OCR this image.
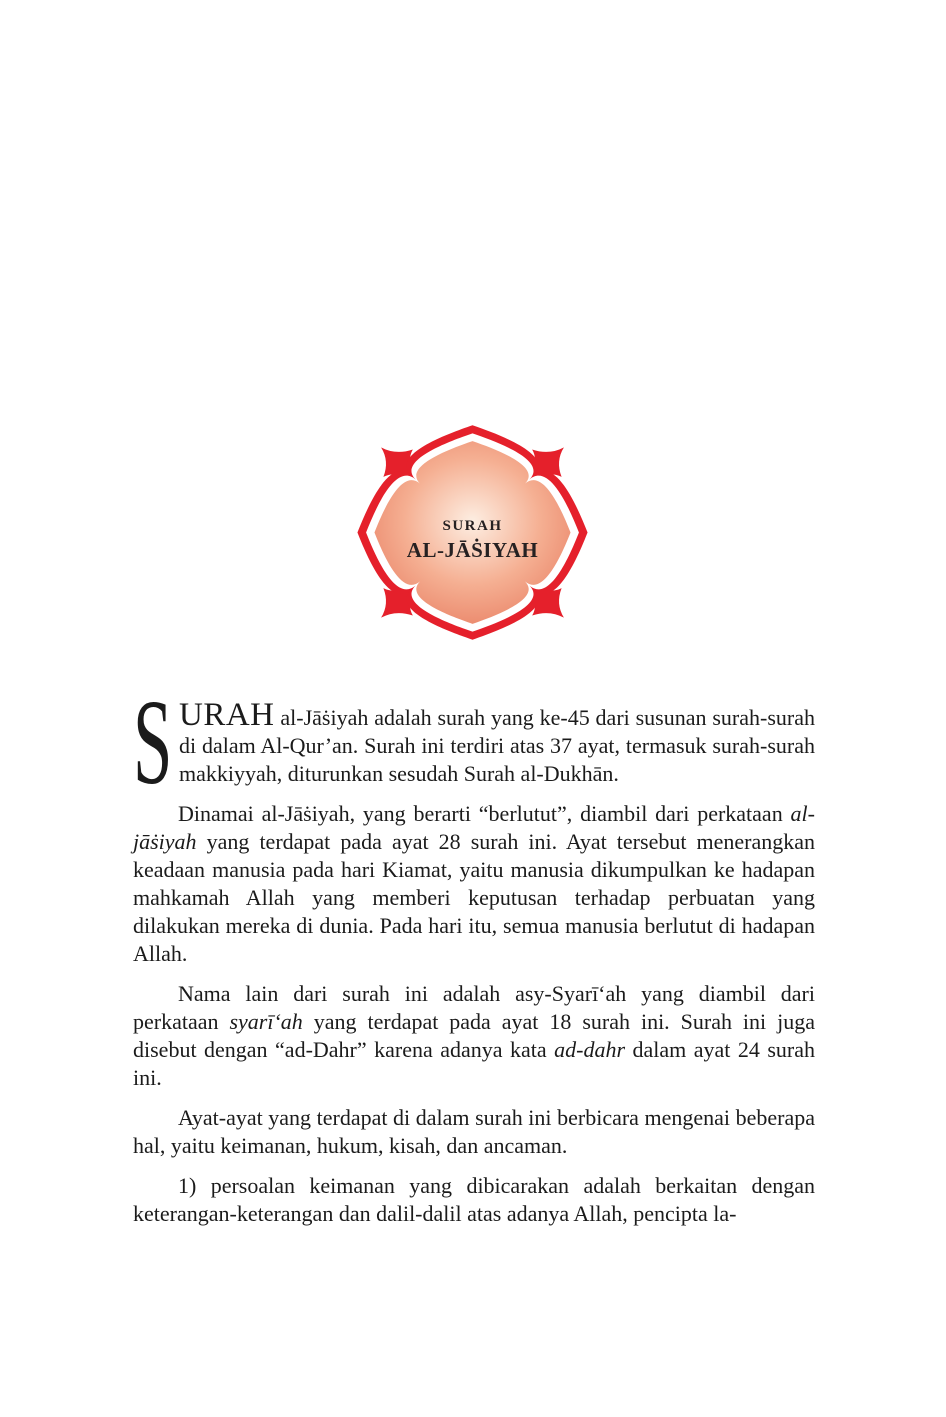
SURAH
AL-JĀṠIYAH

SURAH al-Jāṡiyah adalah surah yang ke-45 dari susunan surah-surah di dalam Al-Qur’an. Surah ini terdiri atas 37 ayat, termasuk surah-surah makkiyyah, diturunkan sesudah Surah al-Dukhān.

Dinamai al-Jāṡiyah, yang berarti “berlutut”, diambil dari perkataan al-jāṡiyah yang terdapat pada ayat 28 surah ini. Ayat tersebut menerangkan keadaan manusia pada hari Kiamat, yaitu manusia dikumpulkan ke hadapan mahkamah Allah yang memberi keputusan terhadap perbuatan yang dilakukan mereka di dunia. Pada hari itu, semua manusia berlutut di hadapan Allah.

Nama lain dari surah ini adalah asy-Syarī‘ah yang diambil dari perkataan syarī‘ah yang terdapat pada ayat 18 surah ini. Surah ini juga disebut dengan “ad-Dahr” karena adanya kata ad-dahr dalam ayat 24 surah ini.

Ayat-ayat yang terdapat di dalam surah ini berbicara mengenai beberapa hal, yaitu keimanan, hukum, kisah, dan ancaman.

1) persoalan keimanan yang dibicarakan adalah berkaitan dengan keterangan-keterangan dan dalil-dalil atas adanya Allah, pencipta la-
